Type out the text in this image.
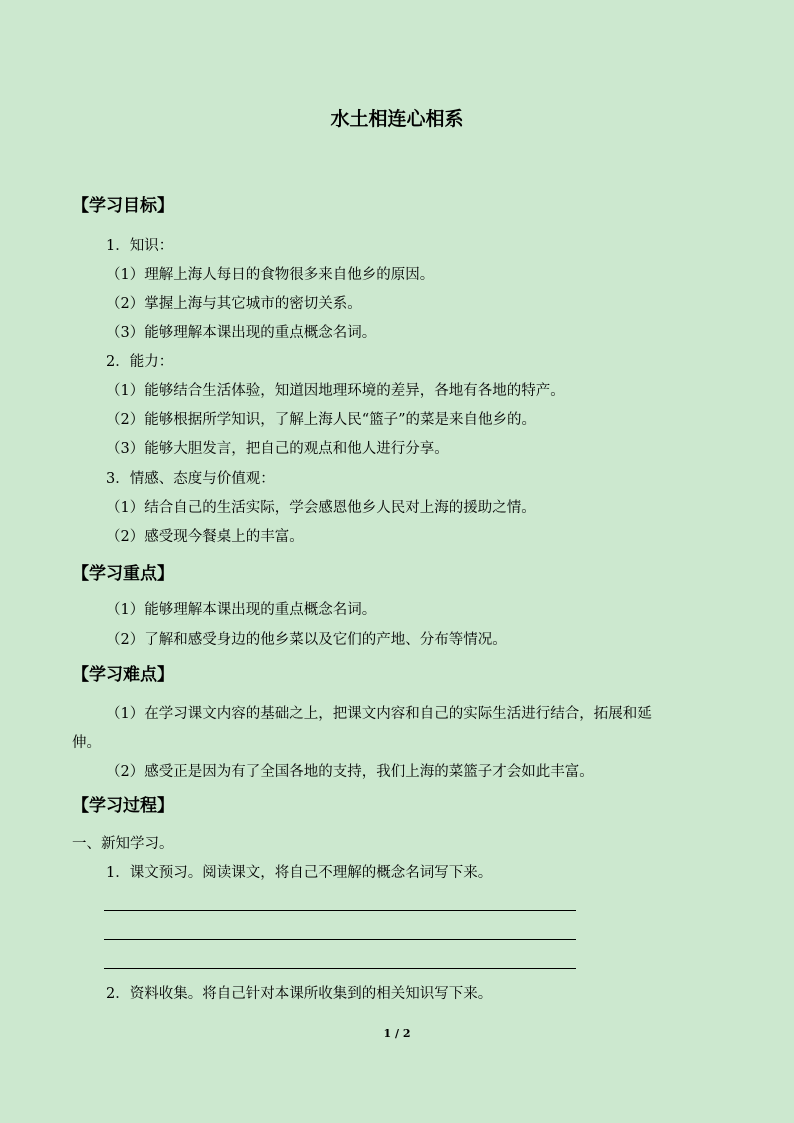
水土相连心相系
【学习目标】
1．知识：
（1）理解上海人每日的食物很多来自他乡的原因。
（2）掌握上海与其它城市的密切关系。
（3）能够理解本课出现的重点概念名词。
2．能力：
（1）能够结合生活体验，知道因地理环境的差异，各地有各地的特产。
（2）能够根据所学知识，了解上海人民“篮子”的菜是来自他乡的。
（3）能够大胆发言，把自己的观点和他人进行分享。
3．情感、态度与价值观：
（1）结合自己的生活实际，学会感恩他乡人民对上海的援助之情。
（2）感受现今餐桌上的丰富。
【学习重点】
（1）能够理解本课出现的重点概念名词。
（2）了解和感受身边的他乡菜以及它们的产地、分布等情况。
【学习难点】
（1）在学习课文内容的基础之上，把课文内容和自己的实际生活进行结合，拓展和延
伸。
（2）感受正是因为有了全国各地的支持，我们上海的菜篮子才会如此丰富。
【学习过程】
一、新知学习。
1．课文预习。阅读课文，将自己不理解的概念名词写下来。
2．资料收集。将自己针对本课所收集到的相关知识写下来。
1 / 2
